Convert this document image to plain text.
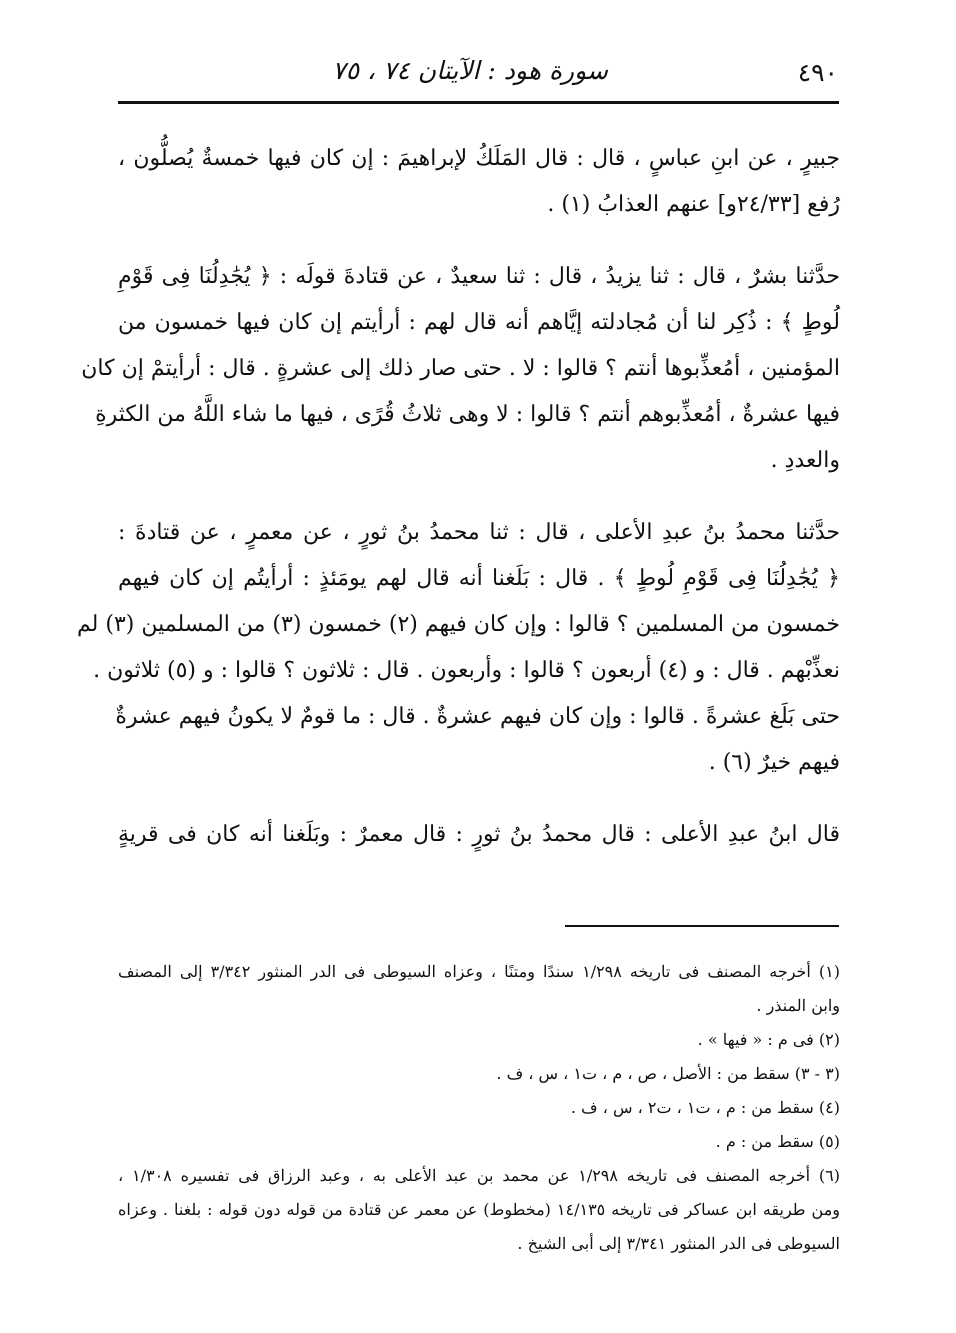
٤٩٠
سورة هود : الآيتان ٧٤ ، ٧٥
جبيرٍ ، عن ابنِ عباسٍ ، قال : قال المَلَكُ لإبراهيمَ : إن كان فيها خمسةٌ يُصلُّون ،
رُفع [٢٤/٣٣و] عنهم العذابُ (١) .
حدَّثنا بشرٌ ، قال : ثنا يزيدُ ، قال : ثنا سعيدٌ ، عن قتادةَ قولَه : ﴿ يُجَٰدِلُنَا فِى قَوْمِ
لُوطٍ ﴾ : ذُكِر لنا أن مُجادلته إيَّاهم أنه قال لهم : أرأيتم إن كان فيها خمسون من
المؤمنين ، أمُعذِّبوها أنتم ؟ قالوا : لا . حتى صار ذلك إلى عشرةٍ . قال : أرأيتمْ إن كان
فيها عشرةٌ ، أمُعذِّبوهم أنتم ؟ قالوا : لا وهى ثلاثُ قُرًى ، فيها ما شاء اللَّهُ من الكثرةِ
والعددِ .
حدَّثنا محمدُ بنُ عبدِ الأعلى ، قال : ثنا محمدُ بنُ ثورٍ ، عن معمرٍ ، عن قتادةَ :
﴿ يُجَٰدِلُنَا فِى قَوْمِ لُوطٍ ﴾ . قال : بَلَغنا أنه قال لهم يومَئذٍ : أرأيتُم إن كان فيهم
خمسون من المسلمين ؟ قالوا : وإن كان فيهم (٢) خمسون (٣) من المسلمين (٣) لم
نعذِّبْهم . قال : و (٤) أربعون ؟ قالوا : وأربعون . قال : ثلاثون ؟ قالوا : و (٥) ثلاثون .
حتى بَلَغ عشرةً . قالوا : وإن كان فيهم عشرةٌ . قال : ما قومٌ لا يكونُ فيهم عشرةٌ
فيهم خيرٌ (٦) .
قال ابنُ عبدِ الأعلى : قال محمدُ بنُ ثورٍ : قال معمرٌ : وبَلَغنا أنه كان فى قريةٍ
(١) أخرجه المصنف فى تاريخه ١/٢٩٨ سندًا ومتنًا ، وعزاه السيوطى فى الدر المنثور ٣/٣٤٢ إلى المصنف
وابن المنذر .
(٢) فى م : « فيها » .
(٣ - ٣) سقط من : الأصل ، ص ، م ، ت١ ، س ، ف .
(٤) سقط من : م ، ت١ ، ت٢ ، س ، ف .
(٥) سقط من : م .
(٦) أخرجه المصنف فى تاريخه ١/٢٩٨ عن محمد بن عبد الأعلى به ، وعبد الرزاق فى تفسيره ١/٣٠٨ ،
ومن طريقه ابن عساكر فى تاريخه ١٤/١٣٥ (مخطوط) عن معمر عن قتادة من قوله دون قوله : بلغنا . وعزاه
السيوطى فى الدر المنثور ٣/٣٤١ إلى أبى الشيخ .
